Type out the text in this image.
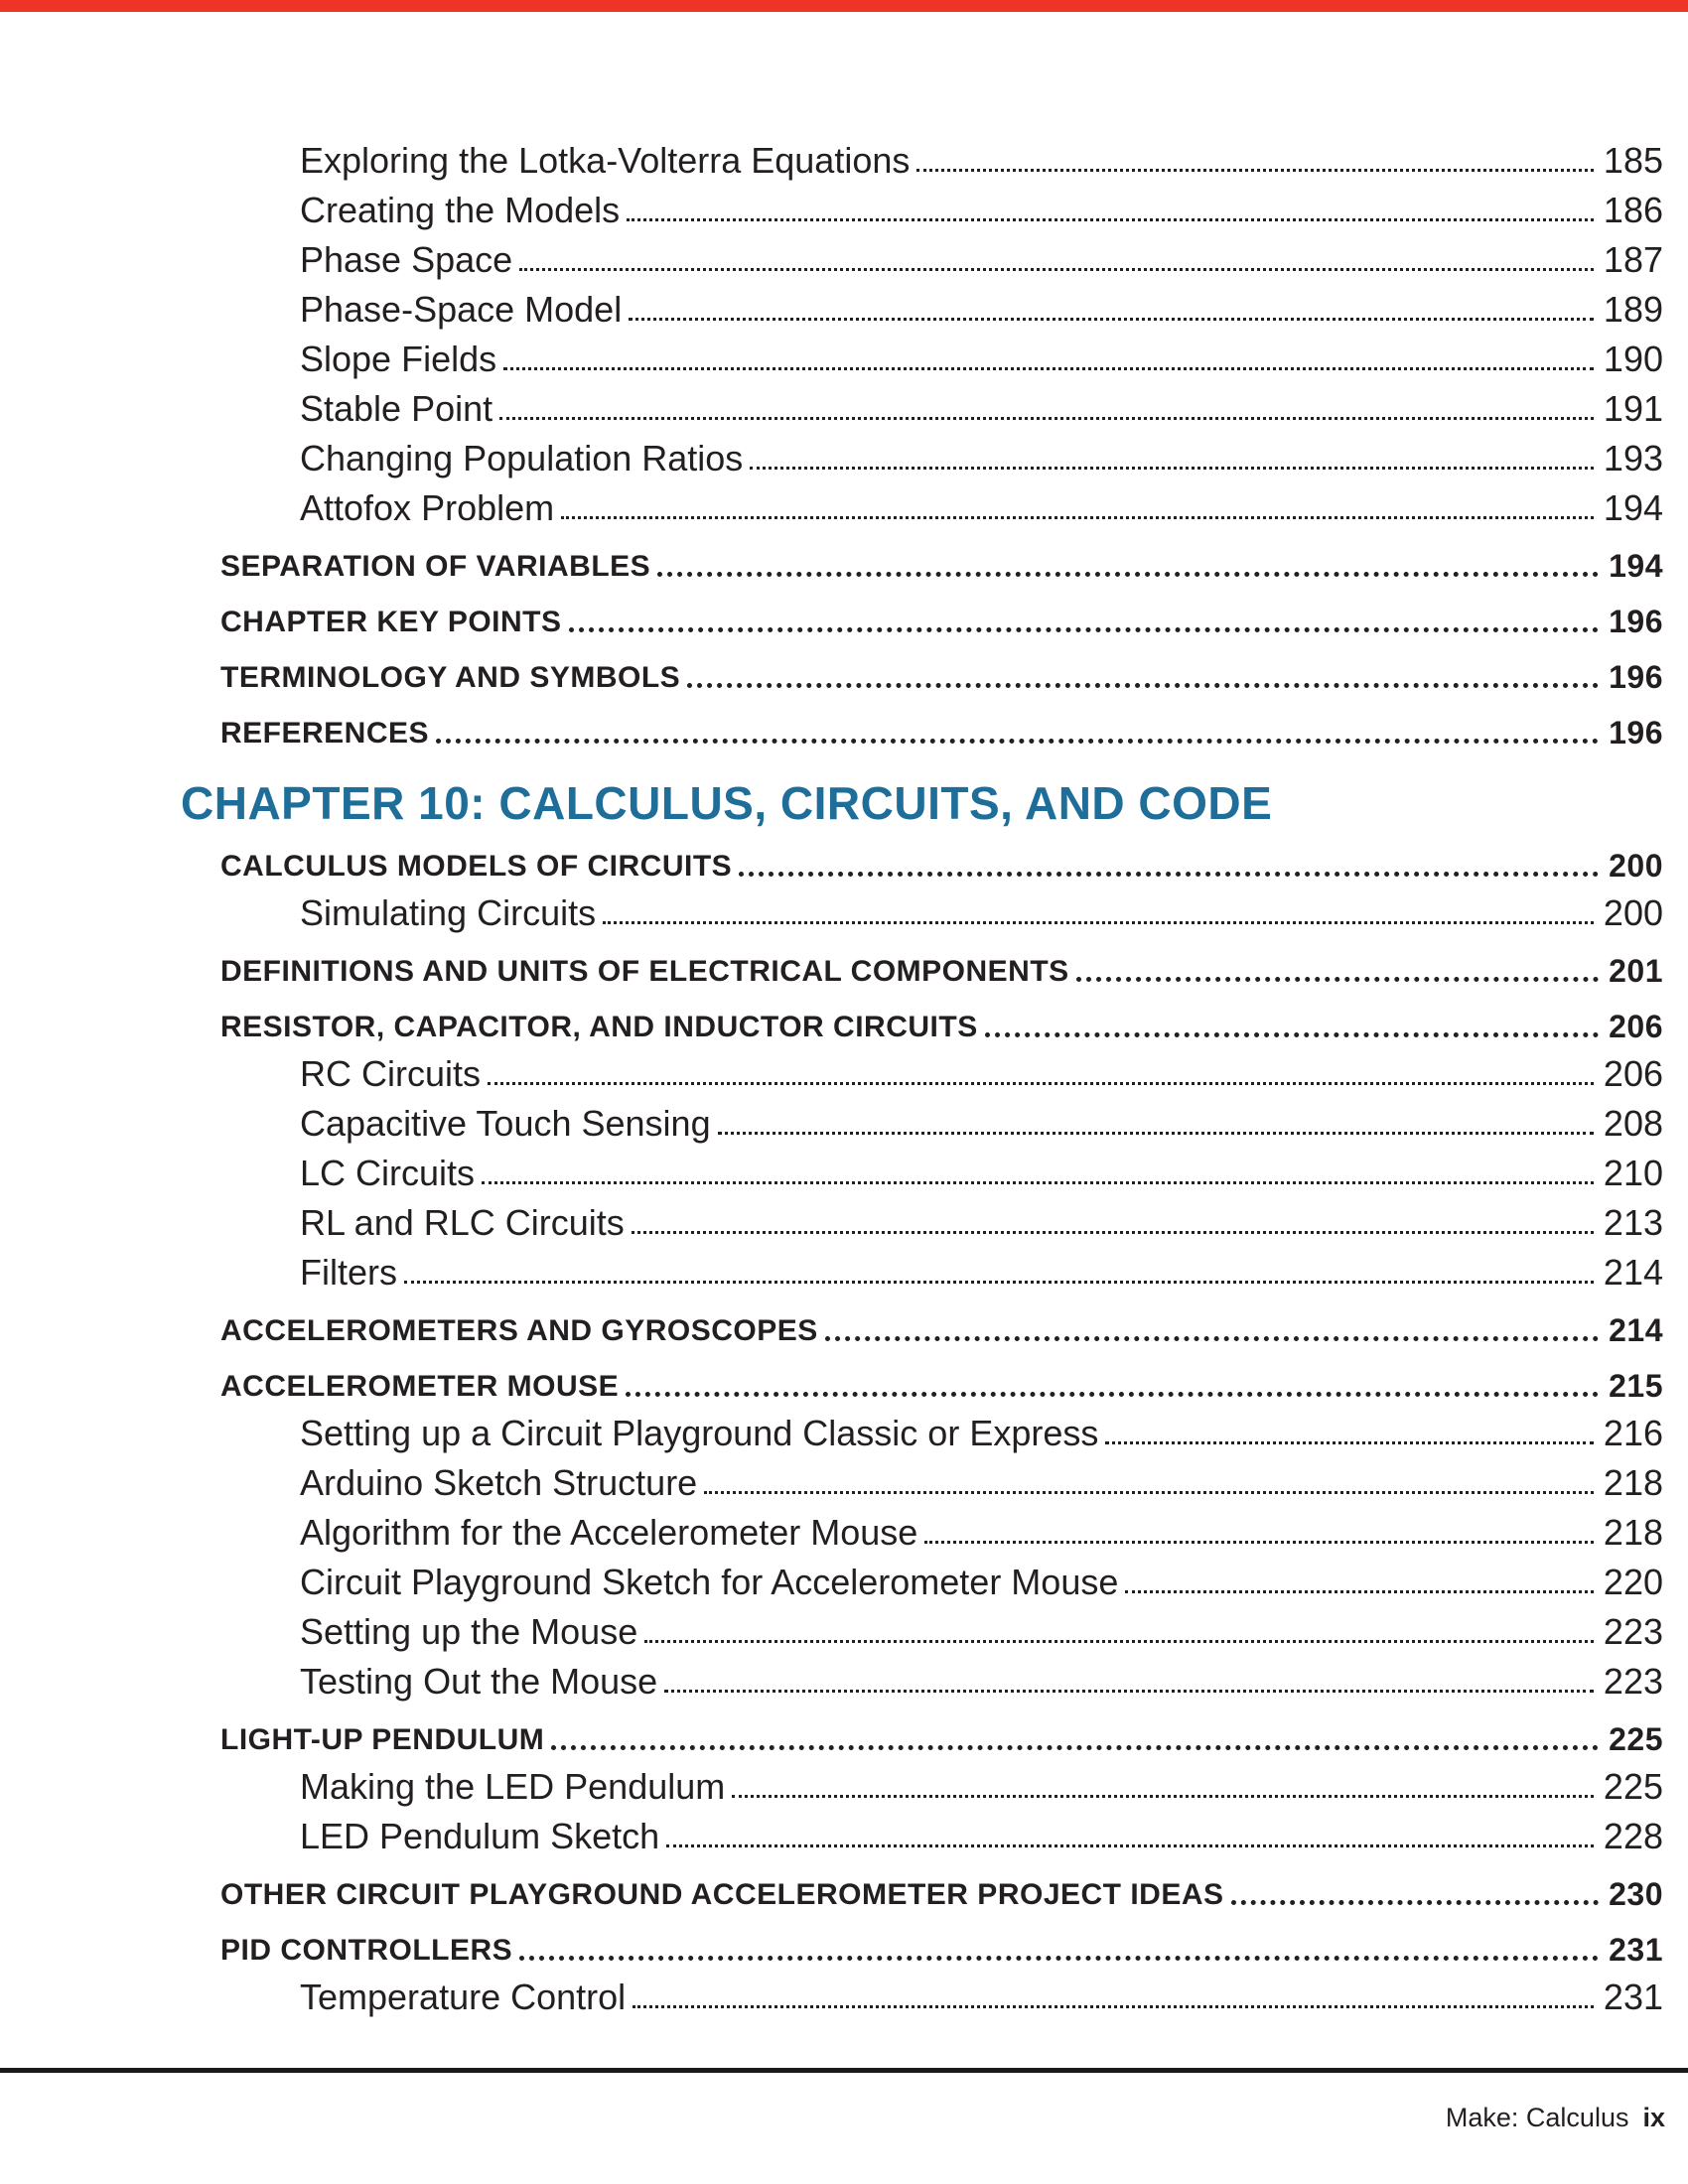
Exploring the Lotka-Volterra Equations	185
Creating the Models	186
Phase Space	187
Phase-Space Model	189
Slope Fields	190
Stable Point	191
Changing Population Ratios	193
Attofox Problem	194
SEPARATION OF VARIABLES	194
CHAPTER KEY POINTS	196
TERMINOLOGY AND SYMBOLS	196
REFERENCES	196
CHAPTER 10: CALCULUS, CIRCUITS, AND CODE
CALCULUS MODELS OF CIRCUITS	200
Simulating Circuits	200
DEFINITIONS AND UNITS OF ELECTRICAL COMPONENTS	201
RESISTOR, CAPACITOR, AND INDUCTOR CIRCUITS	206
RC Circuits	206
Capacitive Touch Sensing	208
LC Circuits	210
RL and RLC Circuits	213
Filters	214
ACCELEROMETERS AND GYROSCOPES	214
ACCELEROMETER MOUSE	215
Setting up a Circuit Playground Classic or Express	216
Arduino Sketch Structure	218
Algorithm for the Accelerometer Mouse	218
Circuit Playground Sketch for Accelerometer Mouse	220
Setting up the Mouse	223
Testing Out the Mouse	223
LIGHT-UP PENDULUM	225
Making the LED Pendulum	225
LED Pendulum Sketch	228
OTHER CIRCUIT PLAYGROUND ACCELEROMETER PROJECT IDEAS	230
PID CONTROLLERS	231
Temperature Control	231
Make: Calculus ix
